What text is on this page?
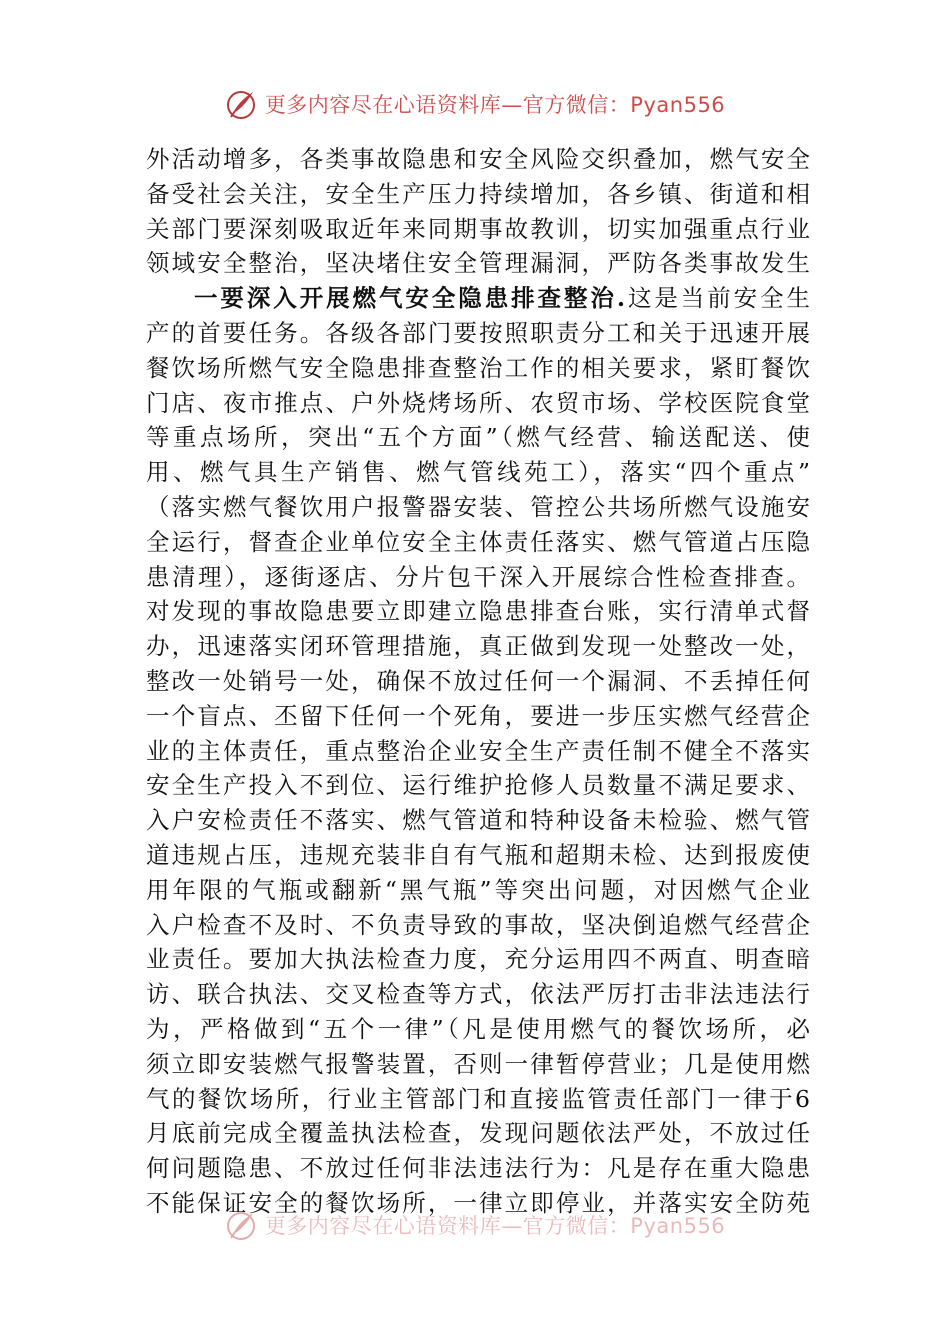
更多内容尽在心语资料库—官方微信：Pyan556
外活动增多，各类事故隐患和安全风险交织叠加，燃气安全
备受社会关注，安全生产压力持续增加，各乡镇、街道和相
关部门要深刻吸取近年来同期事故教训，切实加强重点行业
领域安全整治，坚决堵住安全管理漏洞，严防各类事故发生
一要深入开展燃气安全隐患排查整治.这是当前安全生
产的首要任务。各级各部门要按照职责分工和关于迅速开展
餐饮场所燃气安全隐患排查整治工作的相关要求，紧盯餐饮
门店、夜市推点、户外烧烤场所、农贸市场、学校医院食堂
等重点场所，突出“五个方面”（燃气经营、输送配送、使
用、燃气具生产销售、燃气管线苑工），落实“四个重点”
（落实燃气餐饮用户报警器安装、管控公共场所燃气设施安
全运行，督查企业单位安全主体责任落实、燃气管道占压隐
患清理），逐街逐店、分片包干深入开展综合性检查排查。
对发现的事故隐患要立即建立隐患排查台账，实行清单式督
办，迅速落实闭环管理措施，真正做到发现一处整改一处，
整改一处销号一处，确保不放过任何一个漏洞、不丢掉任何
一个盲点、丕留下任何一个死角，要进一步压实燃气经营企
业的主体责任，重点整治企业安全生产责任制不健全不落实
安全生产投入不到位、运行维护抢修人员数量不满足要求、
入户安检责任不落实、燃气管道和特种设备未检验、燃气管
道违规占压，违规充装非自有气瓶和超期未检、达到报废使
用年限的气瓶或翻新“黑气瓶”等突出问题，对因燃气企业
入户检查不及时、不负责导致的事故，坚决倒追燃气经营企
业责任。要加大执法检查力度，充分运用四不两直、明查暗
访、联合执法、交叉检查等方式，依法严厉打击非法违法行
为，严格做到“五个一律”（凡是使用燃气的餐饮场所，必
须立即安装燃气报警装置，否则一律暂停营业；几是使用燃
气的餐饮场所，行业主管部门和直接监管责任部门一律于6
月底前完成全覆盖执法检查，发现问题依法严处，不放过任
何问题隐患、不放过任何非法违法行为：凡是存在重大隐患
不能保证安全的餐饮场所，一律立即停业，并落实安全防苑
更多内容尽在心语资料库—官方微信：Pyan556
